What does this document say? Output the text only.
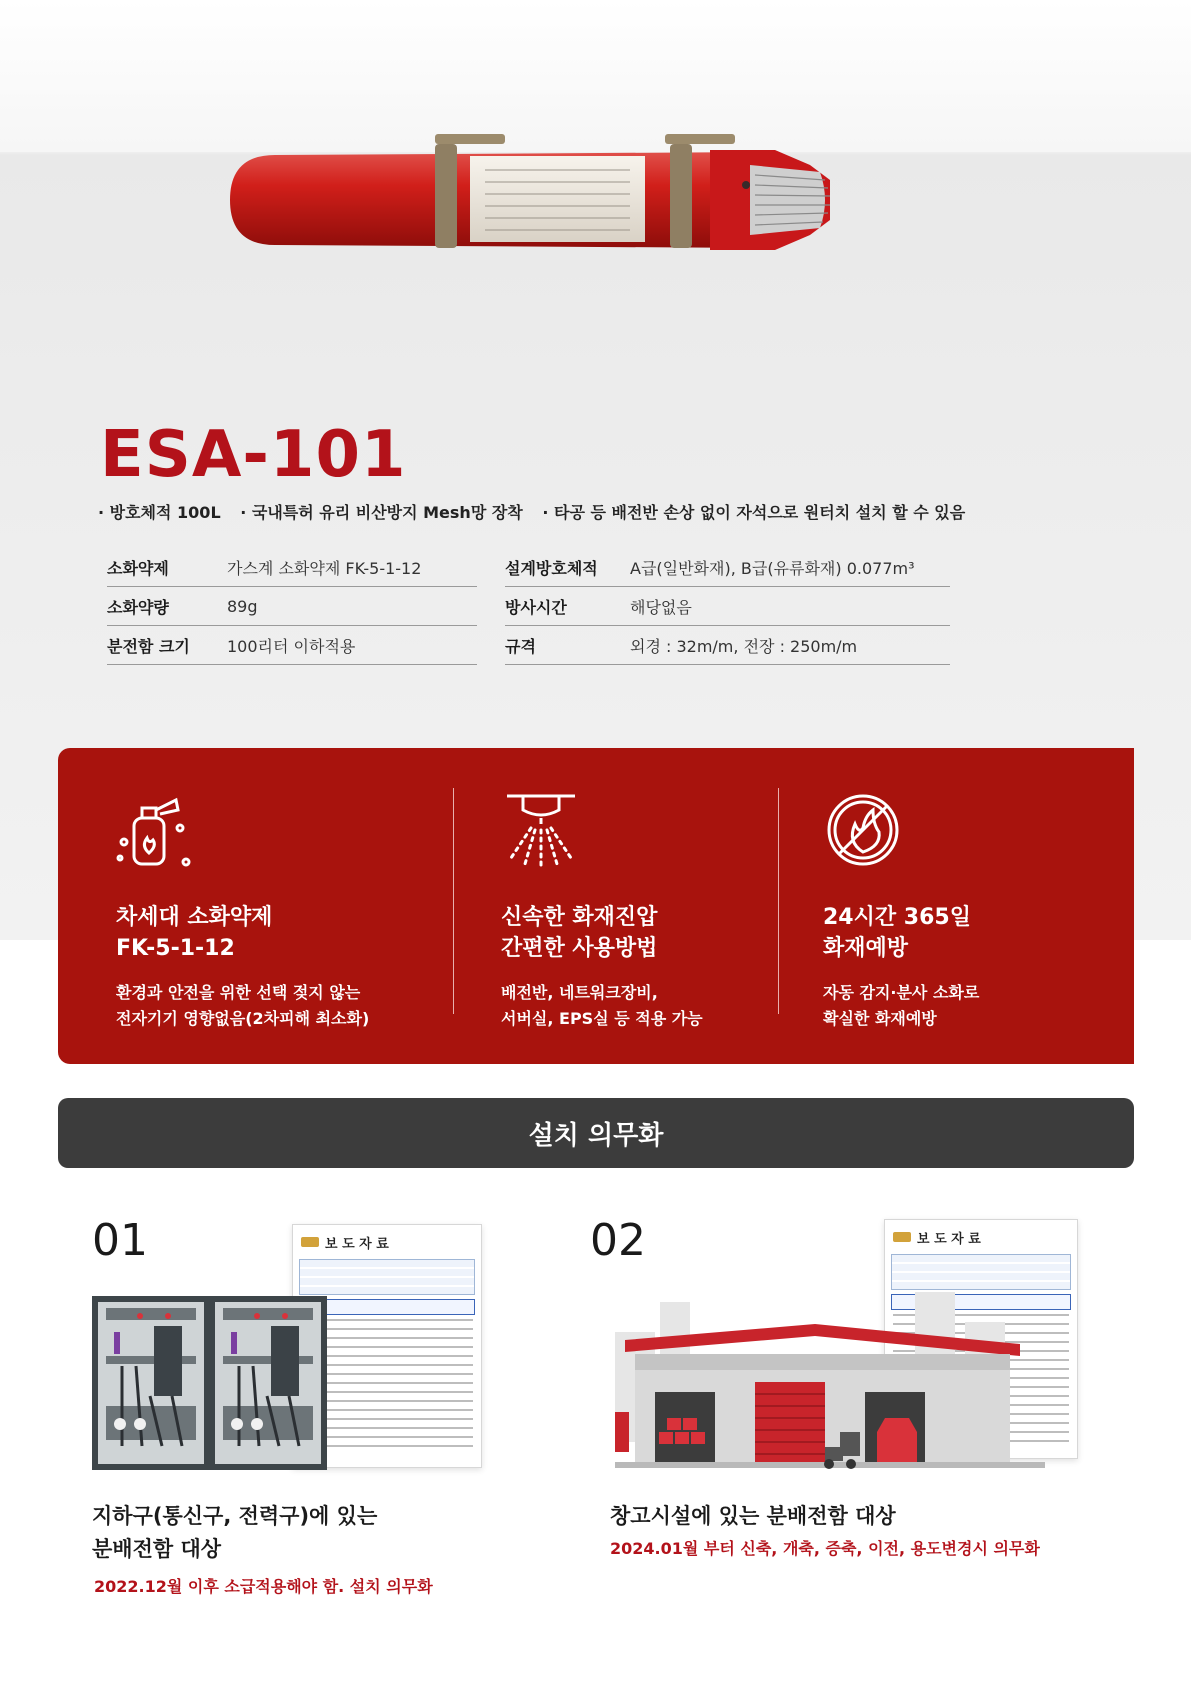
ESA-101
· 방호체적 100L · 국내특허 유리 비산방지 Mesh망 장착 · 타공 등 배전반 손상 없이 자석으로 원터치 설치 할 수 있음
소화약제	가스계 소화약제 FK-5-1-12
소화약량	89g
분전함 크기	100리터 이하적용
설계방호체적	A급(일반화재), B급(유류화재) 0.077m³
방사시간	해당없음
규격	외경 : 32m/m, 전장 : 250m/m
차세대 소화약제
FK-5-1-12
환경과 안전을 위한 선택 젖지 않는
전자기기 영향없음(2차피해 최소화)
신속한 화재진압
간편한 사용방법
배전반, 네트워크장비,
서버실, EPS실 등 적용 가능
24시간 365일
화재예방
자동 감지·분사 소화로
확실한 화재예방
설치 의무화
01	02
보 도 자 료	보 도 자 료
지하구(통신구, 전력구)에 있는
분배전함 대상
2022.12월 이후 소급적용해야 함. 설치 의무화
창고시설에 있는 분배전함 대상
2024.01월 부터 신축, 개축, 증축, 이전, 용도변경시 의무화
